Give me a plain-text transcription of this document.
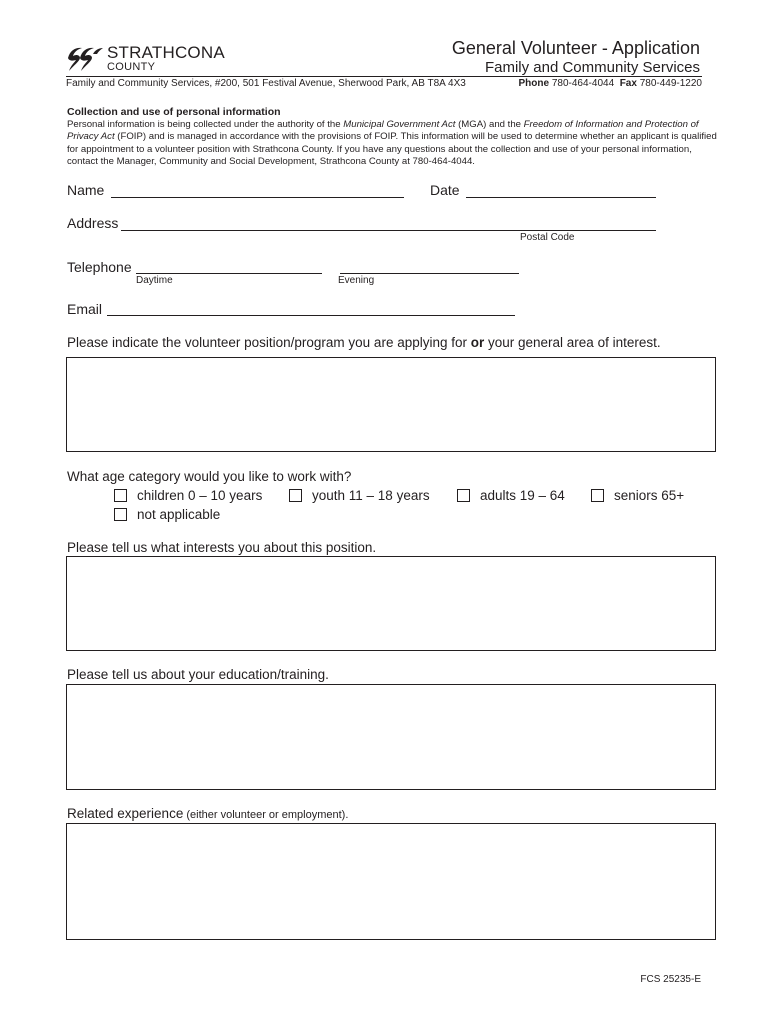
STRATHCONA
COUNTY
General Volunteer - Application
Family and Community Services
Family and Community Services, #200, 501 Festival Avenue, Sherwood Park, AB T8A 4X3	Phone 780-464-4044 Fax 780-449-1220
Collection and use of personal information
Personal information is being collected under the authority of the Municipal Government Act (MGA) and the Freedom of Information and Protection of Privacy Act (FOIP) and is managed in accordance with the provisions of FOIP. This information will be used to determine whether an applicant is qualified for appointment to a volunteer position with Strathcona County. If you have any questions about the collection and use of your personal information, contact the Manager, Community and Social Development, Strathcona County at 780-464-4044.
Name	Date
Address
Postal Code
Telephone
Daytime	Evening
Email
Please indicate the volunteer position/program you are applying for or your general area of interest.
What age category would you like to work with?
children 0 – 10 years	youth 11 – 18 years	adults 19 – 64	seniors 65+
not applicable
Please tell us what interests you about this position.
Please tell us about your education/training.
Related experience (either volunteer or employment).
FCS 25235-E
